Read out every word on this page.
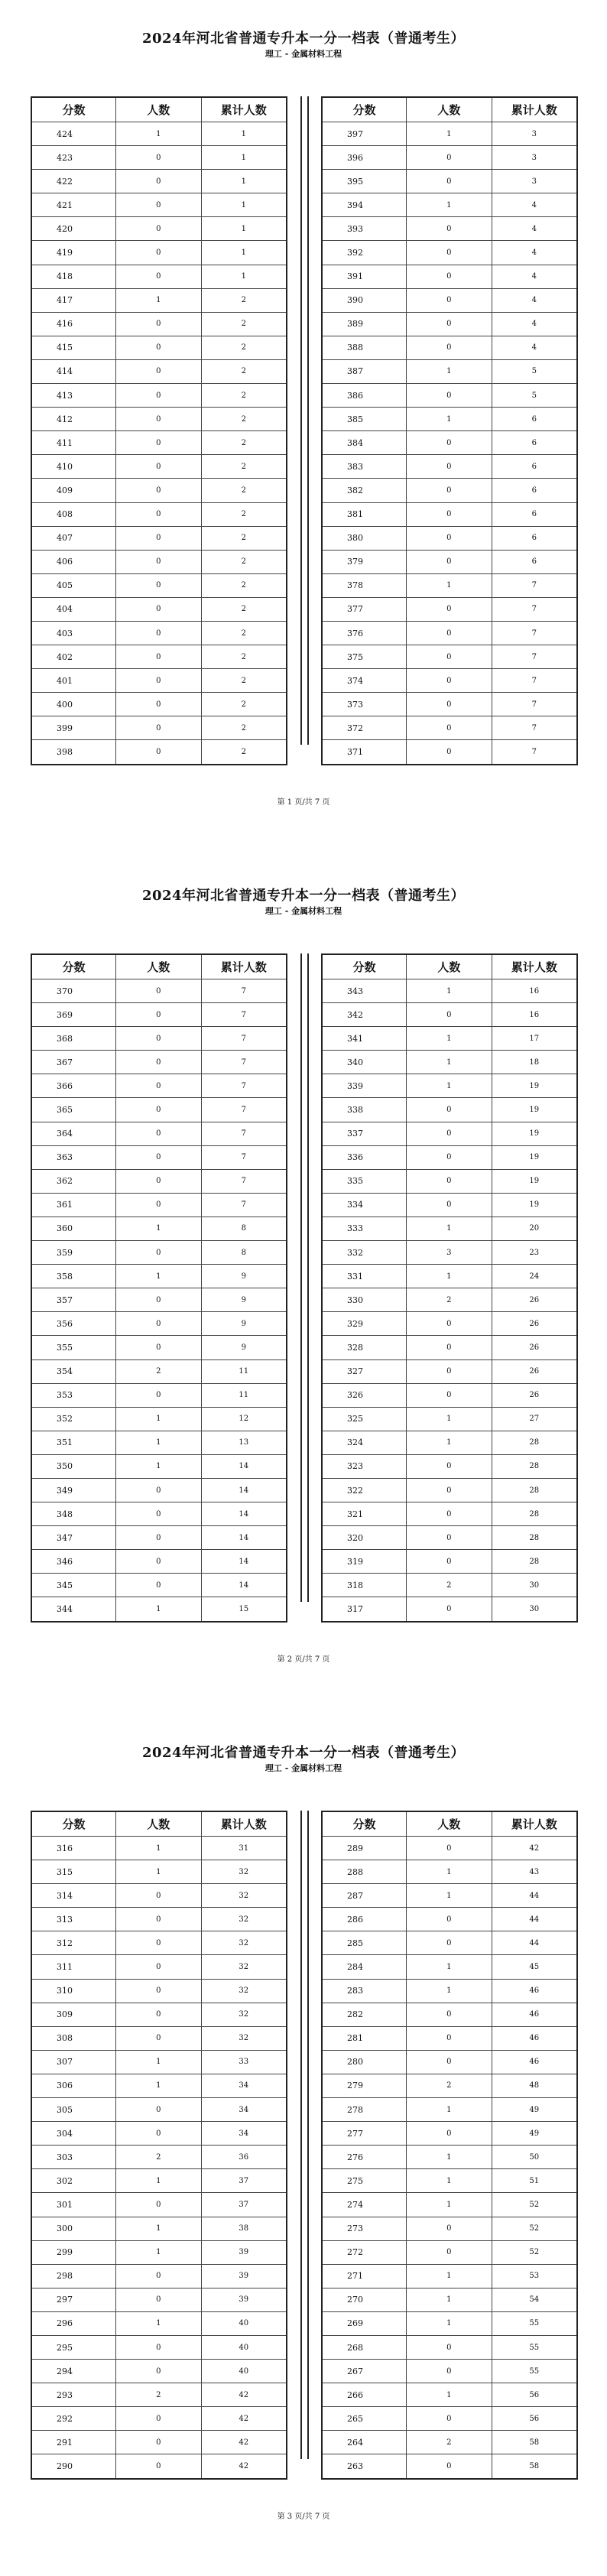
2024年河北省普通专升本一分一档表（普通考生）
理工 - 金属材料工程
分数	人数	累计人数
424	1	1
423	0	1
422	0	1
421	0	1
420	0	1
419	0	1
418	0	1
417	1	2
416	0	2
415	0	2
414	0	2
413	0	2
412	0	2
411	0	2
410	0	2
409	0	2
408	0	2
407	0	2
406	0	2
405	0	2
404	0	2
403	0	2
402	0	2
401	0	2
400	0	2
399	0	2
398	0	2
分数	人数	累计人数
397	1	3
396	0	3
395	0	3
394	1	4
393	0	4
392	0	4
391	0	4
390	0	4
389	0	4
388	0	4
387	1	5
386	0	5
385	1	6
384	0	6
383	0	6
382	0	6
381	0	6
380	0	6
379	0	6
378	1	7
377	0	7
376	0	7
375	0	7
374	0	7
373	0	7
372	0	7
371	0	7
第 1 页/共 7 页
2024年河北省普通专升本一分一档表（普通考生）
理工 - 金属材料工程
分数	人数	累计人数
370	0	7
369	0	7
368	0	7
367	0	7
366	0	7
365	0	7
364	0	7
363	0	7
362	0	7
361	0	7
360	1	8
359	0	8
358	1	9
357	0	9
356	0	9
355	0	9
354	2	11
353	0	11
352	1	12
351	1	13
350	1	14
349	0	14
348	0	14
347	0	14
346	0	14
345	0	14
344	1	15
分数	人数	累计人数
343	1	16
342	0	16
341	1	17
340	1	18
339	1	19
338	0	19
337	0	19
336	0	19
335	0	19
334	0	19
333	1	20
332	3	23
331	1	24
330	2	26
329	0	26
328	0	26
327	0	26
326	0	26
325	1	27
324	1	28
323	0	28
322	0	28
321	0	28
320	0	28
319	0	28
318	2	30
317	0	30
第 2 页/共 7 页
2024年河北省普通专升本一分一档表（普通考生）
理工 - 金属材料工程
分数	人数	累计人数
316	1	31
315	1	32
314	0	32
313	0	32
312	0	32
311	0	32
310	0	32
309	0	32
308	0	32
307	1	33
306	1	34
305	0	34
304	0	34
303	2	36
302	1	37
301	0	37
300	1	38
299	1	39
298	0	39
297	0	39
296	1	40
295	0	40
294	0	40
293	2	42
292	0	42
291	0	42
290	0	42
分数	人数	累计人数
289	0	42
288	1	43
287	1	44
286	0	44
285	0	44
284	1	45
283	1	46
282	0	46
281	0	46
280	0	46
279	2	48
278	1	49
277	0	49
276	1	50
275	1	51
274	1	52
273	0	52
272	0	52
271	1	53
270	1	54
269	1	55
268	0	55
267	0	55
266	1	56
265	0	56
264	2	58
263	0	58
第 3 页/共 7 页
